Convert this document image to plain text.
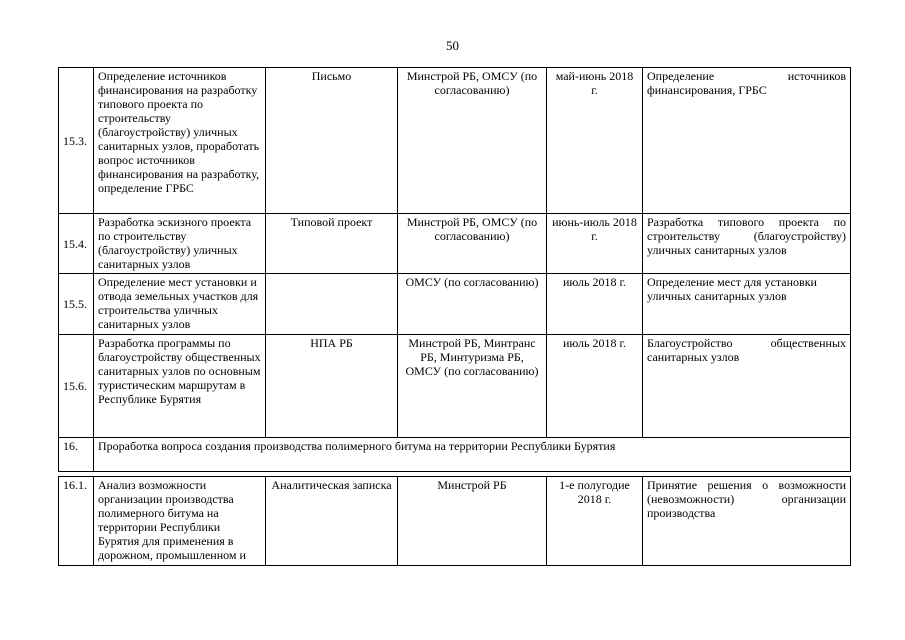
50
15.3.	Определение источников финансирования на разработку типового проекта по строительству (благоустройству) уличных санитарных узлов, проработать вопрос источников финансирования на разработку, определение ГРБС	Письмо	Минстрой РБ, ОМСУ (по согласованию)	май-июнь 2018 г.	Определение источников финансирования, ГРБС
15.4.	Разработка эскизного проекта по строительству (благоустройству) уличных санитарных узлов	Типовой проект	Минстрой РБ, ОМСУ (по согласованию)	июнь-июль 2018 г.	Разработка типового проекта по строительству (благоустройству) уличных санитарных узлов
15.5.	Определение мест установки и отвода земельных участков для строительства уличных санитарных узлов		ОМСУ (по согласованию)	июль 2018 г.	Определение мест для установки уличных санитарных узлов
15.6.	Разработка программы по благоустройству общественных санитарных узлов по основным туристическим маршрутам в Республике Бурятия	НПА РБ	Минстрой РБ, Минтранс РБ, Минтуризма РБ, ОМСУ (по согласованию)	июль 2018 г.	Благоустройство общественных санитарных узлов
16.	Проработка вопроса создания производства полимерного битума на территории Республики Бурятия				

16.1.	Анализ возможности организации производства полимерного битума на территории Республики Бурятия для применения в дорожном, промышленном и	Аналитическая записка	Минстрой РБ	1-е полугодие 2018 г.	Принятие решения о возможности (невозможности) организации производства
